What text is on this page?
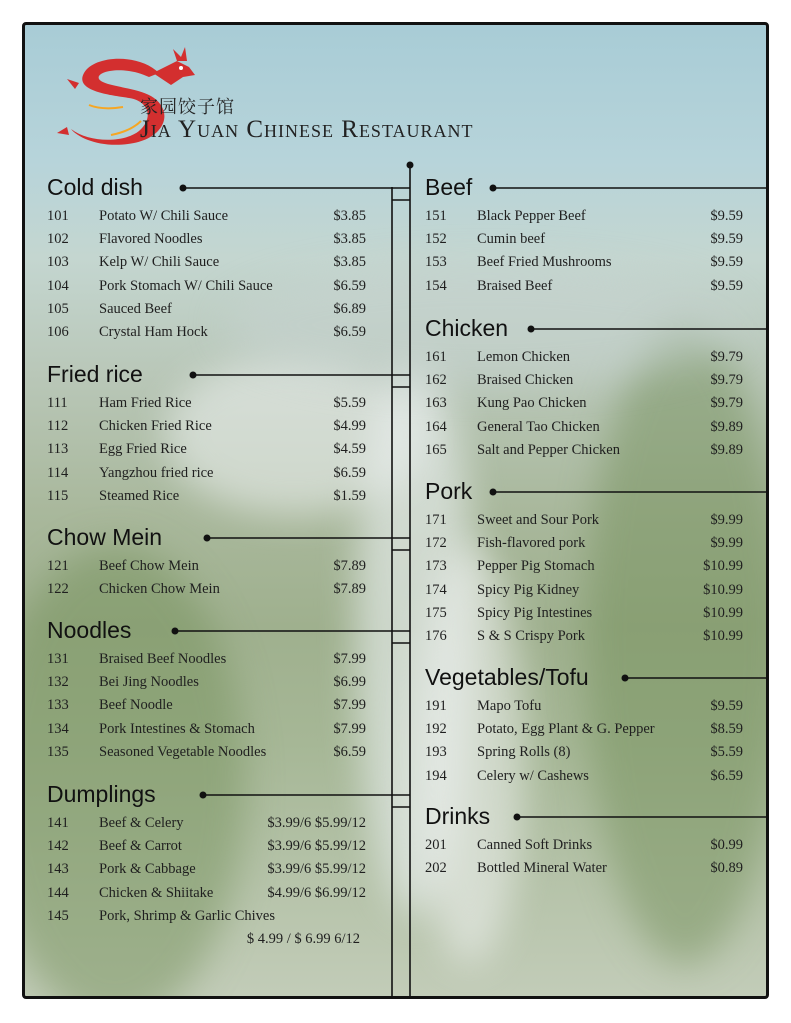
家园饺子馆
Jia Yuan Chinese Restaurant
Cold dish
101 Potato W/ Chili Sauce	$3.85
102 Flavored Noodles	$3.85
103 Kelp W/ Chili Sauce	$3.85
104 Pork Stomach W/ Chili Sauce	$6.59
105 Sauced Beef	$6.89
106 Crystal Ham Hock	$6.59
Fried rice
111 Ham Fried Rice	$5.59
112 Chicken Fried Rice	$4.99
113 Egg Fried Rice	$4.59
114 Yangzhou fried rice	$6.59
115 Steamed Rice	$1.59
Chow Mein
121 Beef Chow Mein	$7.89
122 Chicken Chow Mein	$7.89
Noodles
131 Braised Beef Noodles	$7.99
132 Bei Jing Noodles	$6.99
133 Beef Noodle	$7.99
134 Pork Intestines & Stomach	$7.99
135 Seasoned Vegetable Noodles	$6.59
Dumplings
141 Beef & Celery	$3.99/6 $5.99/12
142 Beef & Carrot	$3.99/6 $5.99/12
143 Pork & Cabbage	$3.99/6 $5.99/12
144 Chicken & Shiitake	$4.99/6 $6.99/12
145 Pork, Shrimp & Garlic Chives
$ 4.99 / $ 6.99 6/12
Beef
151 Black Pepper Beef	$9.59
152 Cumin beef	$9.59
153 Beef Fried Mushrooms	$9.59
154 Braised Beef	$9.59
Chicken
161 Lemon Chicken	$9.79
162 Braised Chicken	$9.79
163 Kung Pao Chicken	$9.79
164 General Tao Chicken	$9.89
165 Salt and Pepper Chicken	$9.89
Pork
171 Sweet and Sour Pork	$9.99
172 Fish-flavored pork	$9.99
173 Pepper Pig Stomach	$10.99
174 Spicy Pig Kidney	$10.99
175 Spicy Pig Intestines	$10.99
176 S & S Crispy Pork	$10.99
Vegetables/Tofu
191 Mapo Tofu	$9.59
192 Potato, Egg Plant & G. Pepper	$8.59
193 Spring Rolls (8)	$5.59
194 Celery w/ Cashews	$6.59
Drinks
201 Canned Soft Drinks	$0.99
202 Bottled Mineral Water	$0.89
